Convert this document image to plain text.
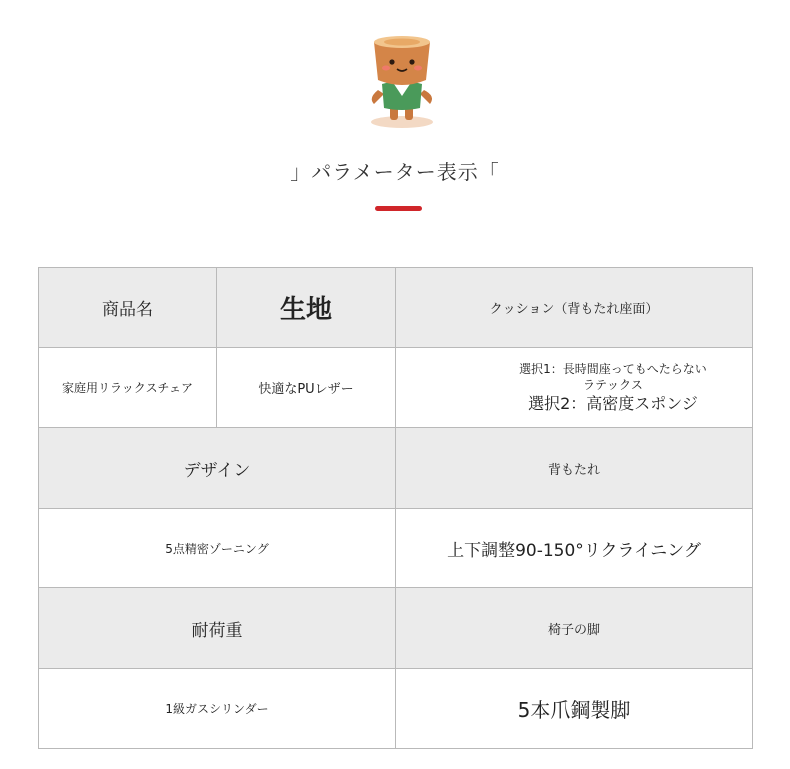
」パラメーター表示「
商品名	生地	クッション（背もたれ座面）
家庭用リラックスチェア	快適なPUレザー	選択1：長時間座ってもへたらない
ラテックス
選択2：高密度スポンジ

デザイン		背もたれ
5点精密ゾーニング		上下調整90-150°リクライニング
耐荷重		椅子の脚
1級ガスシリンダー		5本爪鋼製脚
